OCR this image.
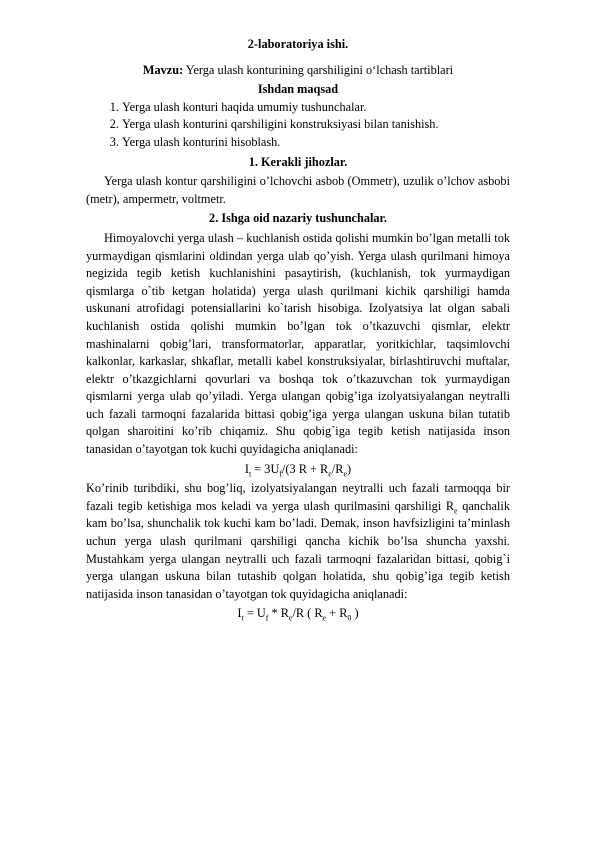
2-laboratoriya ishi.

Mavzu: Yerga ulash konturining qarshiligini o‘lchash tartiblari

Ishdan maqsad

1. Yerga ulash konturi haqida umumiy tushunchalar.
2. Yerga ulash konturini qarshiligini konstruksiyasi bilan tanishish.
3. Yerga ulash konturini hisoblash.

1. Kerakli jihozlar.

Yerga ulash kontur qarshiligini o’lchovchi asbob (Ommetr), uzulik o’lchov asbobi (metr), ampermetr, voltmetr.

2. Ishga oid nazariy tushunchalar.

Himoyalovchi yerga ulash – kuchlanish ostida qolishi mumkin bo’lgan metalli tok yurmaydigan qismlarini oldindan yerga ulab qo’yish. Yerga ulash qurilmani himoya negizida tegib ketish kuchlanishini pasaytirish, (kuchlanish, tok yurmaydigan qismlarga o`tib ketgan holatida) yerga ulash qurilmani kichik qarshiligi hamda uskunani atrofidagi potensiallarini ko`tarish hisobiga. Izolyatsiya lat olgan sabali kuchlanish ostida qolishi mumkin bo’lgan tok o’tkazuvchi qismlar, elektr mashinalarni qobig’lari, transformatorlar, apparatlar, yoritkichlar, taqsimlovchi kalkonlar, karkaslar, shkaflar, metalli kabel konstruksiyalar, birlashtiruvchi muftalar, elektr o’tkazgichlarni qovurlari va boshqa tok o’tkazuvchan tok yurmaydigan qismlarni yerga ulab qo’yiladi. Yerga ulangan qobig’iga izolyatsiyalangan neytralli uch fazali tarmoqni fazalarida bittasi qobig’iga yerga ulangan uskuna bilan tutatib qolgan sharoitini ko’rib chiqamiz. Shu qobig`iga tegib ketish natijasida inson tanasidan o’tayotgan tok kuchi quyidagicha aniqlanadi:

$I_t = 3U_f/(3$ $R + R_e/R_e$)

Ko’rinib turibdiki, shu bog’liq, izolyatsiyalangan neytralli uch fazali tarmoqqa bir fazali tegib ketishiga mos keladi va yerga ulash qurilmasini qarshiligi $R_e$ qanchalik kam bo’lsa, shunchalik tok kuchi kam bo’ladi. Demak, inson havfsizligini ta’minlash uchun yerga ulash qurilmani qarshiligi qancha kichik bo’lsa shuncha yaxshi. Mustahkam yerga ulangan neytralli uch fazali tarmoqni fazalaridan bittasi, qobig`i yerga ulangan uskuna bilan tutashib qolgan holatida, shu qobig’iga tegib ketish natijasida inson tanasidan o’tayotgan tok quyidagicha aniqlanadi:

$I_t = U_f * R_e/R$ ( $R_e + R_0$ )
